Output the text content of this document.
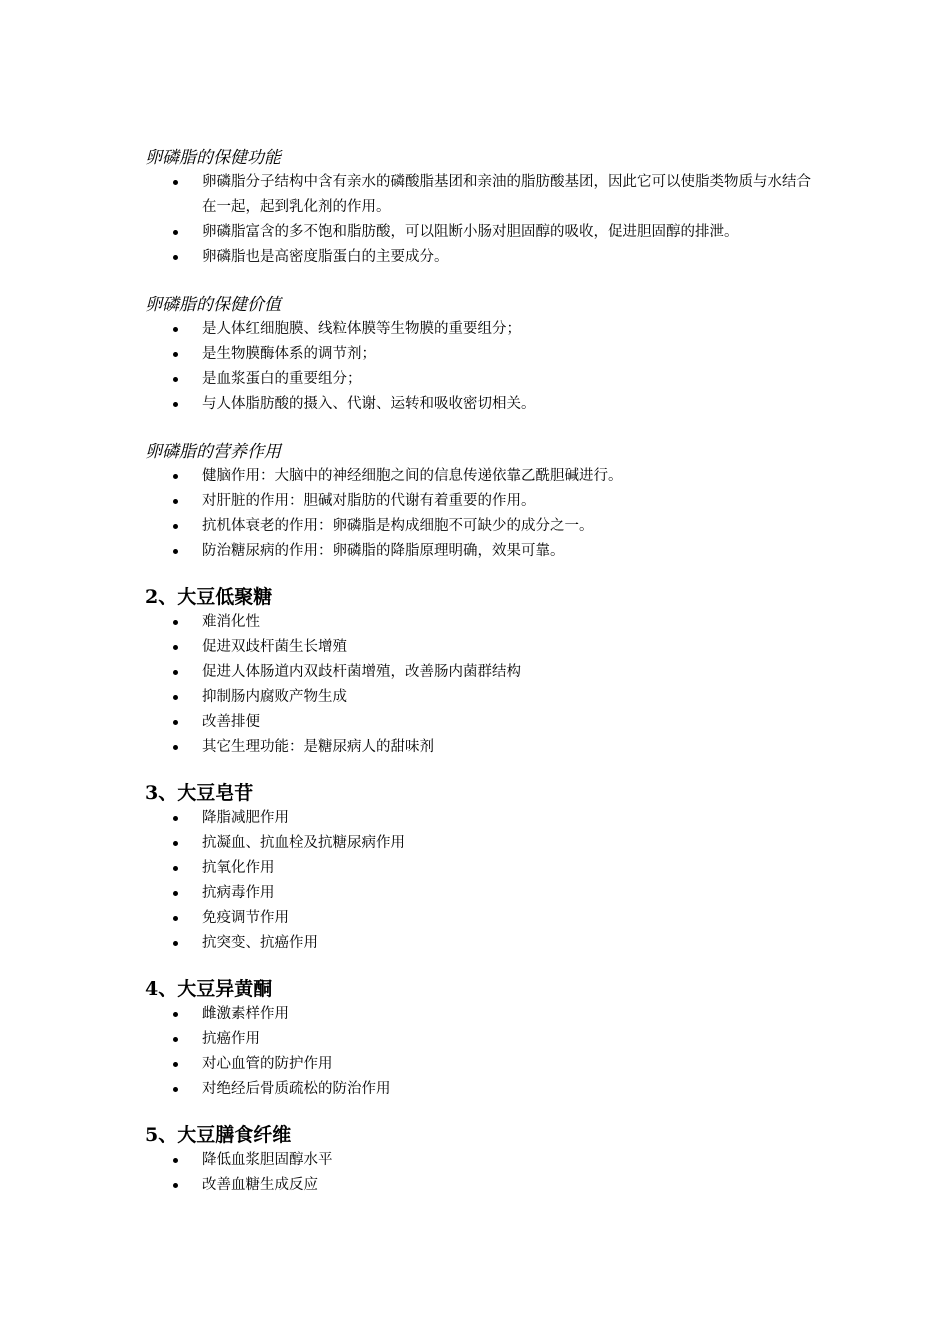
卵磷脂的保健功能
卵磷脂分子结构中含有亲水的磷酸脂基团和亲油的脂肪酸基团，因此它可以使脂类物质与水结合在一起，起到乳化剂的作用。
卵磷脂富含的多不饱和脂肪酸，可以阻断小肠对胆固醇的吸收，促进胆固醇的排泄。
卵磷脂也是高密度脂蛋白的主要成分。
卵磷脂的保健价值
是人体红细胞膜、线粒体膜等生物膜的重要组分；
是生物膜酶体系的调节剂；
是血浆蛋白的重要组分；
与人体脂肪酸的摄入、代谢、运转和吸收密切相关。
卵磷脂的营养作用
健脑作用：大脑中的神经细胞之间的信息传递依靠乙酰胆碱进行。
对肝脏的作用：胆碱对脂肪的代谢有着重要的作用。
抗机体衰老的作用：卵磷脂是构成细胞不可缺少的成分之一。
防治糖尿病的作用：卵磷脂的降脂原理明确，效果可靠。
2、大豆低聚糖
难消化性
促进双歧杆菌生长增殖
促进人体肠道内双歧杆菌增殖，改善肠内菌群结构
抑制肠内腐败产物生成
改善排便
其它生理功能：是糖尿病人的甜味剂
3、大豆皂苷
降脂减肥作用
抗凝血、抗血栓及抗糖尿病作用
抗氧化作用
抗病毒作用
免疫调节作用
抗突变、抗癌作用
4、大豆异黄酮
雌激素样作用
抗癌作用
对心血管的防护作用
对绝经后骨质疏松的防治作用
5、大豆膳食纤维
降低血浆胆固醇水平
改善血糖生成反应
